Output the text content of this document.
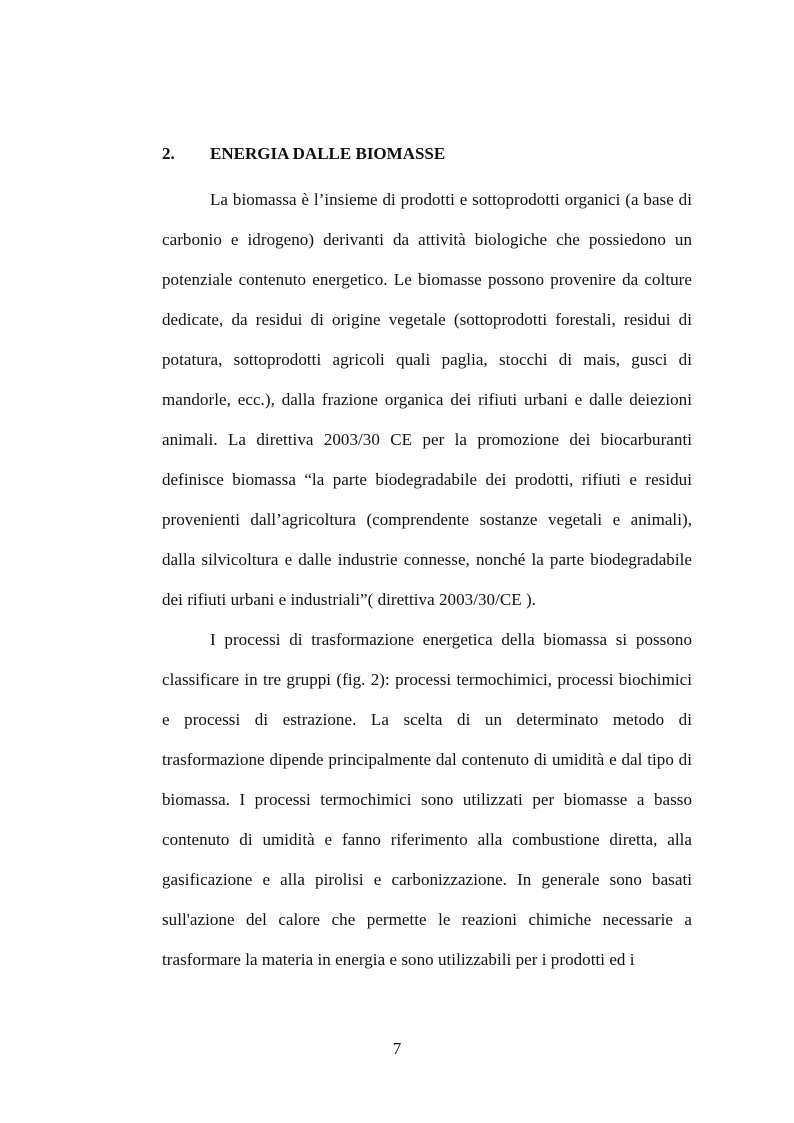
2. ENERGIA DALLE BIOMASSE

La biomassa è l’insieme di prodotti e sottoprodotti organici (a base di carbonio e idrogeno) derivanti da attività biologiche che possiedono un potenziale contenuto energetico. Le biomasse possono provenire da colture dedicate, da residui di origine vegetale (sottoprodotti forestali, residui di potatura, sottoprodotti agricoli quali paglia, stocchi di mais, gusci di mandorle, ecc.), dalla frazione organica dei rifiuti urbani e dalle deiezioni animali. La direttiva 2003/30 CE per la promozione dei biocarburanti definisce biomassa “la parte biodegradabile dei prodotti, rifiuti e residui provenienti dall’agricoltura (comprendente sostanze vegetali e animali), dalla silvicoltura e dalle industrie connesse, nonché la parte biodegradabile dei rifiuti urbani e industriali”( direttiva 2003/30/CE ).

I processi di trasformazione energetica della biomassa si possono classificare in tre gruppi (fig. 2): processi termochimici, processi biochimici e processi di estrazione. La scelta di un determinato metodo di trasformazione dipende principalmente dal contenuto di umidità e dal tipo di biomassa. I processi termochimici sono utilizzati per biomasse a basso contenuto di umidità e fanno riferimento alla combustione diretta, alla gasificazione e alla pirolisi e carbonizzazione. In generale sono basati sull'azione del calore che permette le reazioni chimiche necessarie a trasformare la materia in energia e sono utilizzabili per i prodotti ed i

7
